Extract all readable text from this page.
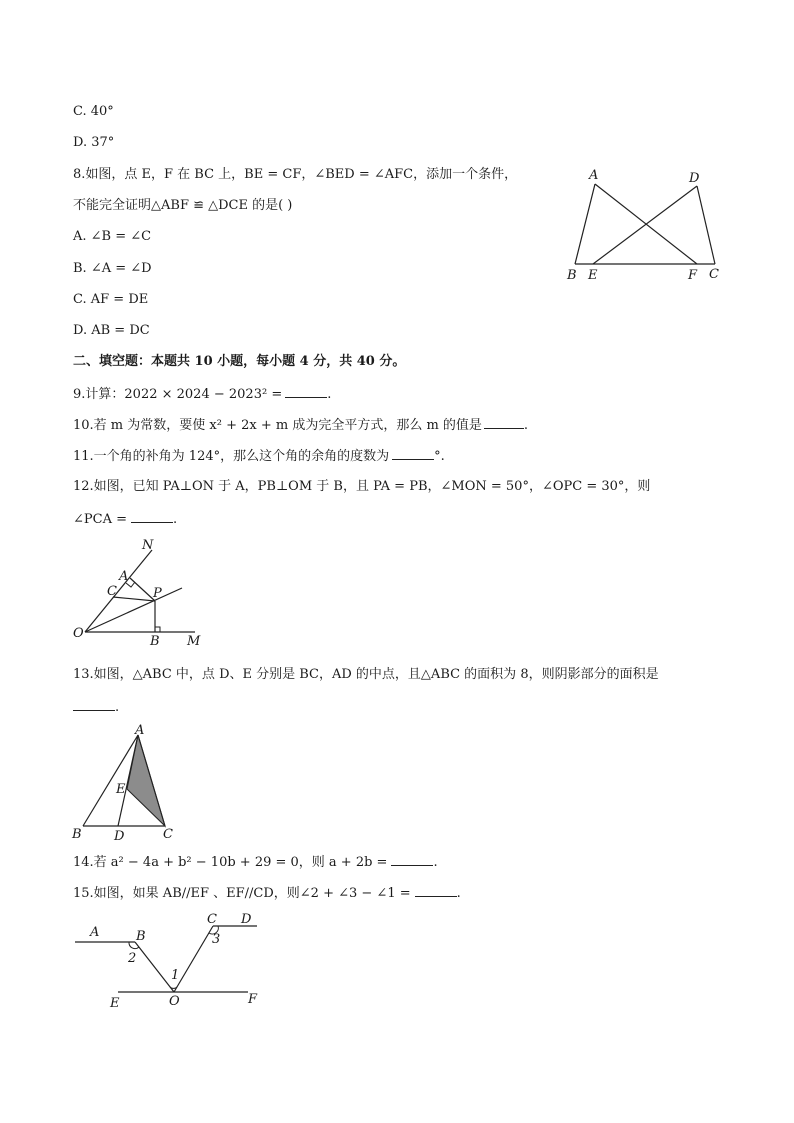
C. 40°
D. 37°
8.如图，点 E，F 在 BC 上，BE = CF，∠BED = ∠AFC，添加一个条件，
不能完全证明△ABF ≌ △DCE 的是( )
A. ∠B = ∠C
B. ∠A = ∠D
C. AF = DE
D. AB = DC
A	D
B E	F C
二、填空题：本题共 10 小题，每小题 4 分，共 40 分。
9.计算：2022 × 2024 − 2023² =	.
10.若 m 为常数，要使 x² + 2x + m 成为完全平方式，那么 m 的值是	.
11.一个角的补角为 124°，那么这个角的余角的度数为	°.
12.如图，已知 PA⊥ON 于 A，PB⊥OM 于 B，且 PA = PB，∠MON = 50°，∠OPC = 30°，则
∠PCA =	.
N
A
C	P
O
B M
13.如图，△ABC 中，点 D、E 分别是 BC，AD 的中点，且△ABC 的面积为 8，则阴影部分的面积是
.
A
E
B D	C
14.若 a² − 4a + b² − 10b + 29 = 0，则 a + 2b =	.
15.如图，如果 AB//EF 、EF//CD，则∠2 + ∠3 − ∠1 =	.
A	B
C D
2
3
1
E	O	F
